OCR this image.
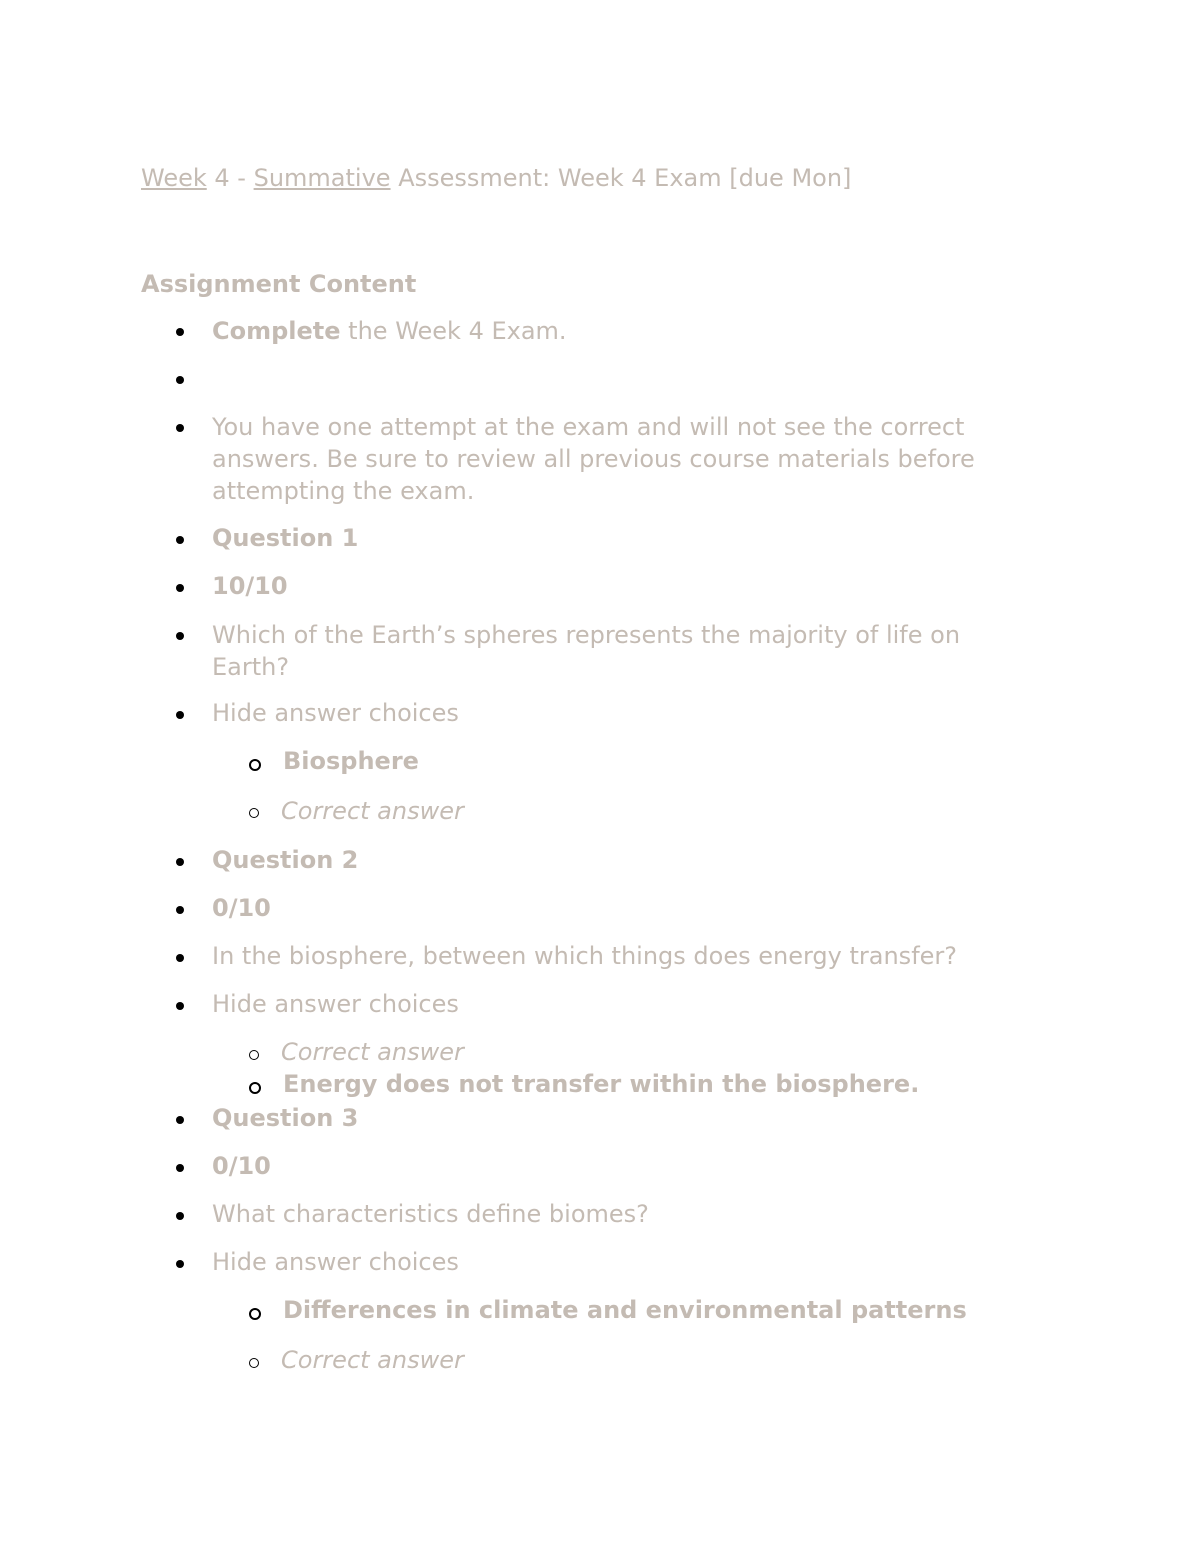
Week 4 - Summative Assessment: Week 4 Exam [due Mon]
Assignment Content
Complete the Week 4 Exam.
You have one attempt at the exam and will not see the correct answers. Be sure to review all previous course materials before attempting the exam.
Question 1
10/10
Which of the Earth’s spheres represents the majority of life on Earth?
Hide answer choices
Biosphere
Correct answer
Question 2
0/10
In the biosphere, between which things does energy transfer?
Hide answer choices
Correct answer
Energy does not transfer within the biosphere.
Question 3
0/10
What characteristics define biomes?
Hide answer choices
Differences in climate and environmental patterns
Correct answer
